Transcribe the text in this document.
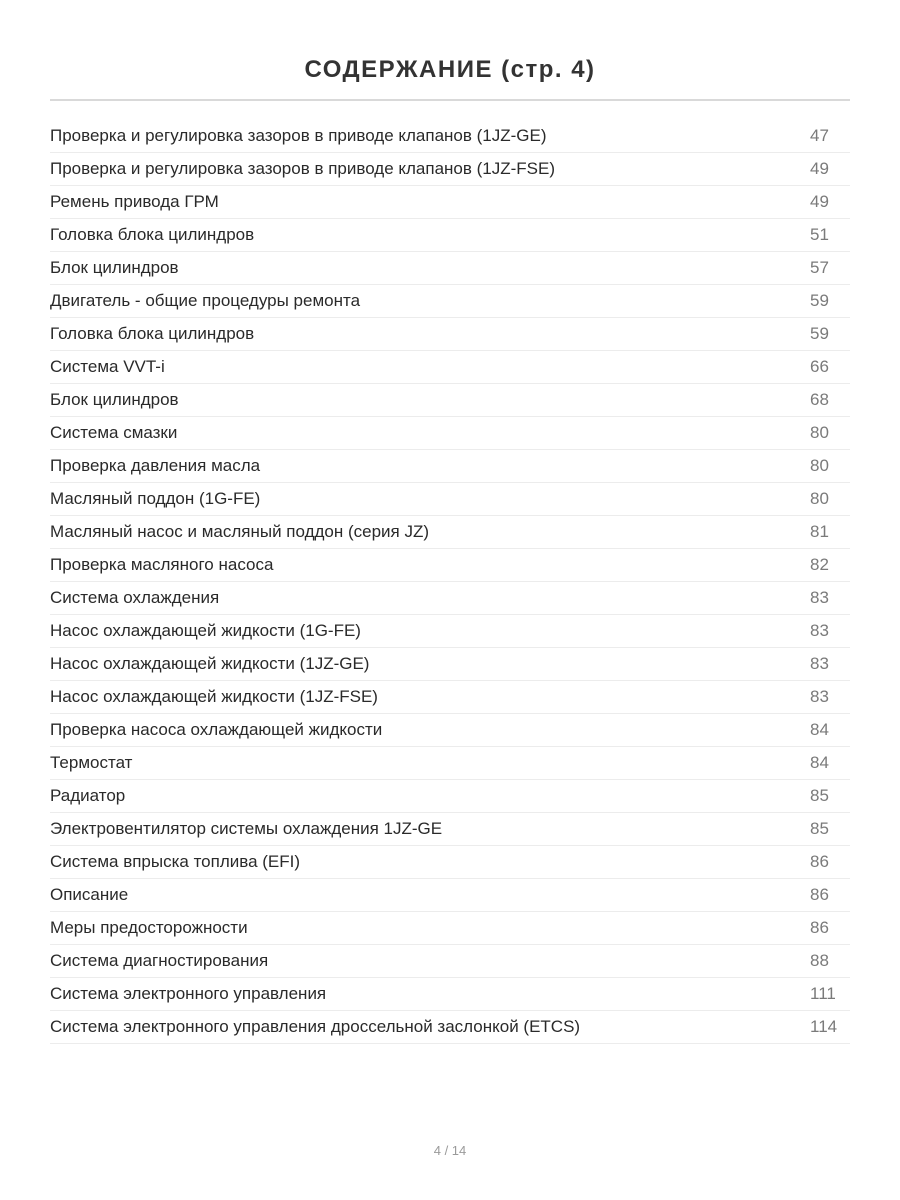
СОДЕРЖАНИЕ (стр. 4)
Проверка и регулировка зазоров в приводе клапанов (1JZ-GE)	47
Проверка и регулировка зазоров в приводе клапанов (1JZ-FSE)	49
Ремень привода ГРМ	49
Головка блока цилиндров	51
Блок цилиндров	57
Двигатель - общие процедуры ремонта	59
Головка блока цилиндров	59
Система VVT-i	66
Блок цилиндров	68
Система смазки	80
Проверка давления масла	80
Масляный поддон (1G-FE)	80
Масляный насос и масляный поддон (серия JZ)	81
Проверка масляного насоса	82
Система охлаждения	83
Насос охлаждающей жидкости (1G-FE)	83
Насос охлаждающей жидкости (1JZ-GE)	83
Насос охлаждающей жидкости (1JZ-FSE)	83
Проверка насоса охлаждающей жидкости	84
Термостат	84
Радиатор	85
Электровентилятор системы охлаждения 1JZ-GE	85
Система впрыска топлива (EFI)	86
Описание	86
Меры предосторожности	86
Система диагностирования	88
Система электронного управления	111
Система электронного управления дроссельной заслонкой (ETCS)	114
4 / 14
